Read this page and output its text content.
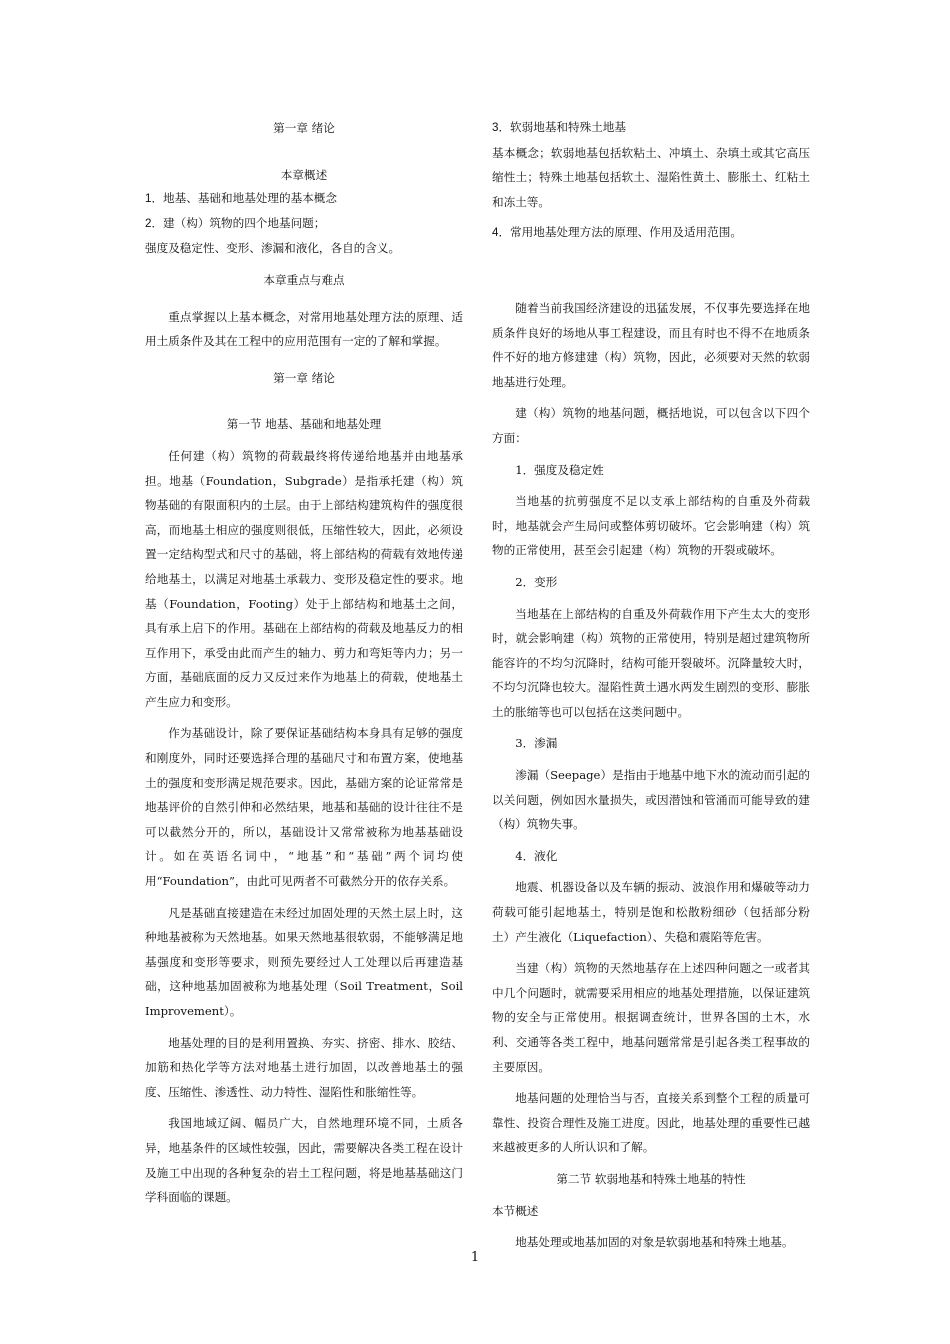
第一章 绪论

本章概述

1．地基、基础和地基处理的基本概念

2．建（构）筑物的四个地基问题；

强度及稳定性、变形、渗漏和液化，各自的含义。

本章重点与难点

重点掌握以上基本概念，对常用地基处理方法的原理、适用土质条件及其在工程中的应用范围有一定的了解和掌握。

第一章 绪论

第一节 地基、基础和地基处理

任何建（构）筑物的荷载最终将传递给地基并由地基承担。地基（Foundation，Subgrade）是指承托建（构）筑物基础的有限面积内的土层。由于上部结构建筑构件的强度很高，而地基土相应的强度则很低，压缩性较大，因此，必须设置一定结构型式和尺寸的基础，将上部结构的荷载有效地传递给地基土，以满足对地基土承载力、变形及稳定性的要求。地基（Foundation，Footing）处于上部结构和地基土之间，具有承上启下的作用。基础在上部结构的荷载及地基反力的相互作用下，承受由此而产生的轴力、剪力和弯矩等内力；另一方面，基础底面的反力又反过来作为地基上的荷载，使地基土产生应力和变形。

作为基础设计，除了要保证基础结构本身具有足够的强度和刚度外，同时还要选择合理的基础尺寸和布置方案，使地基土的强度和变形满足规范要求。因此，基础方案的论证常常是地基评价的自然引伸和必然结果，地基和基础的设计往往不是可以截然分开的，所以，基础设计又常常被称为地基基础设计。如在英语名词中，“地基”和“基础”两个词均使用“Foundation”，由此可见两者不可截然分开的依存关系。

凡是基础直接建造在未经过加固处理的天然土层上时，这种地基被称为天然地基。如果天然地基很软弱，不能够满足地基强度和变形等要求，则预先要经过人工处理以后再建造基础，这种地基加固被称为地基处理（Soil Treatment，Soil Improvement）。

地基处理的目的是利用置换、夯实、挤密、排水、胶结、加筋和热化学等方法对地基土进行加固，以改善地基土的强度、压缩性、渗透性、动力特性、湿陷性和胀缩性等。

我国地域辽阔、幅员广大，自然地理环境不同，土质各异，地基条件的区域性较强，因此，需要解决各类工程在设计及施工中出现的各种复杂的岩土工程问题，将是地基基础这门学科面临的课题。

3．软弱地基和特殊土地基

基本概念；软弱地基包括软粘土、冲填土、杂填土或其它高压缩性土；特殊土地基包括软土、湿陷性黄土、膨胀土、红粘土和冻土等。

4．常用地基处理方法的原理、作用及适用范围。

随着当前我国经济建设的迅猛发展，不仅事先要选择在地质条件良好的场地从事工程建设，而且有时也不得不在地质条件不好的地方修建建（构）筑物，因此，必须要对天然的软弱地基进行处理。

建（构）筑物的地基问题，概括地说，可以包含以下四个方面：

1．强度及稳定姓

当地基的抗剪强度不足以支承上部结构的自重及外荷载时，地基就会产生局问或整体剪切破坏。它会影响建（构）筑物的正常使用，甚至会引起建（构）筑物的开裂或破坏。

2．变形

当地基在上部结构的自重及外荷载作用下产生太大的变形时，就会影响建（构）筑物的正常使用，特别是超过建筑物所能容许的不均匀沉降时，结构可能开裂破坏。沉降量较大时，不均匀沉降也较大。湿陷性黄土遇水两发生剧烈的变形、膨胀土的胀缩等也可以包括在这类问题中。

3．渗漏

渗漏（Seepage）是指由于地基中地下水的流动而引起的以关问题，例如因水量损失，或因潜蚀和管涌而可能导致的建（构）筑物失事。

4．液化

地震、机器设备以及车辆的振动、波浪作用和爆破等动力荷载可能引起地基土，特别是饱和松散粉细砂（包括部分粉土）产生液化（Liquefaction）、失稳和震陷等危害。

当建（构）筑物的天然地基存在上述四种问题之一或者其中几个问题时，就需要采用相应的地基处理措施，以保证建筑物的安全与正常使用。根据调查统计，世界各国的土木，水利、交通等各类工程中，地基问题常常是引起各类工程事故的主要原因。

地基问题的处理恰当与否，直接关系到整个工程的质量可靠性、投资合理性及施工进度。因此，地基处理的重要性已越来越被更多的人所认识和了解。

第二节 软弱地基和特殊土地基的特性

本节概述

地基处理或地基加固的对象是软弱地基和特殊土地基。

1
